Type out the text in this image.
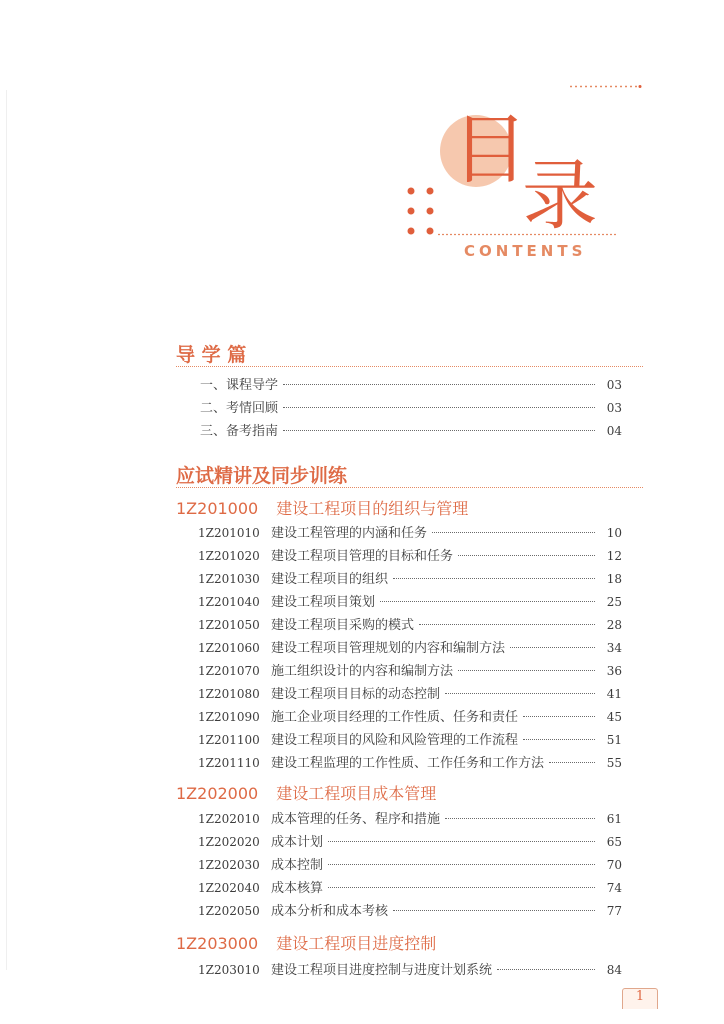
目
录
CONTENTS
导 学 篇
一、课程导学	03
二、考情回顾	03
三、备考指南	04
应试精讲及同步训练
1Z201000 建设工程项目的组织与管理
1Z201010 建设工程管理的内涵和任务	10
1Z201020 建设工程项目管理的目标和任务	12
1Z201030 建设工程项目的组织	18
1Z201040 建设工程项目策划	25
1Z201050 建设工程项目采购的模式	28
1Z201060 建设工程项目管理规划的内容和编制方法	34
1Z201070 施工组织设计的内容和编制方法	36
1Z201080 建设工程项目目标的动态控制	41
1Z201090 施工企业项目经理的工作性质、任务和责任	45
1Z201100 建设工程项目的风险和风险管理的工作流程	51
1Z201110 建设工程监理的工作性质、工作任务和工作方法	55
1Z202000 建设工程项目成本管理
1Z202010 成本管理的任务、程序和措施	61
1Z202020 成本计划	65
1Z202030 成本控制	70
1Z202040 成本核算	74
1Z202050 成本分析和成本考核	77
1Z203000 建设工程项目进度控制
1Z203010 建设工程项目进度控制与进度计划系统	84
1
